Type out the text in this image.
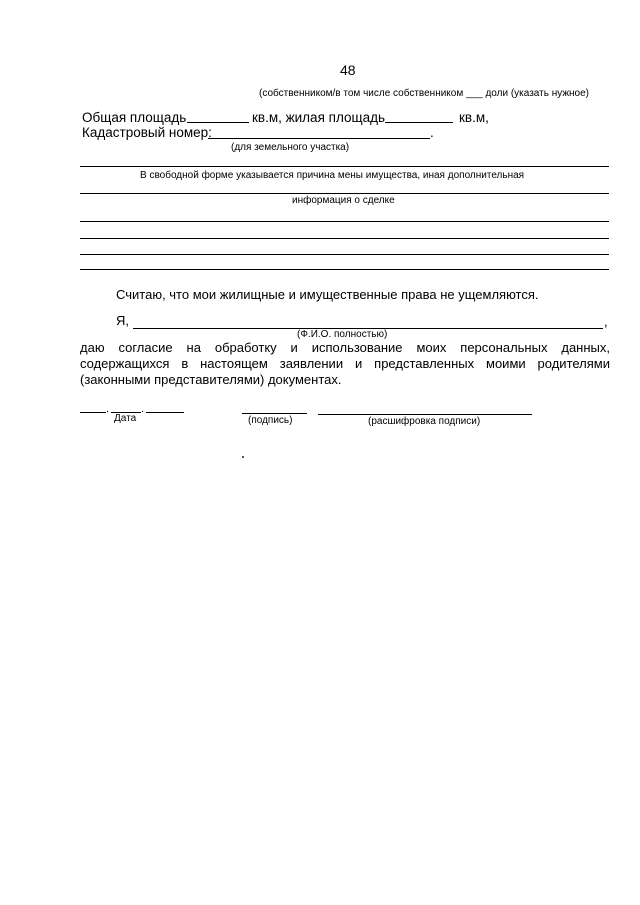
48
(собственником/в том числе собственником ___ доли (указать нужное)
Общая площадь	кв.м, жилая площадь	кв.м,
Кадастровый номер:	.
(для земельного участка)
В свободной форме указывается причина мены имущества, иная дополнительная
информация о сделке
Считаю, что мои жилищные и имущественные права не ущемляются.
Я,	,
(Ф.И.О. полностью)
даю согласие на обработку и использование моих персональных данных,
содержащихся в настоящем заявлении и представленных моими родителями
(законными представителями) документах.
.	.
Дата	(подпись)	(расшифровка подписи)
